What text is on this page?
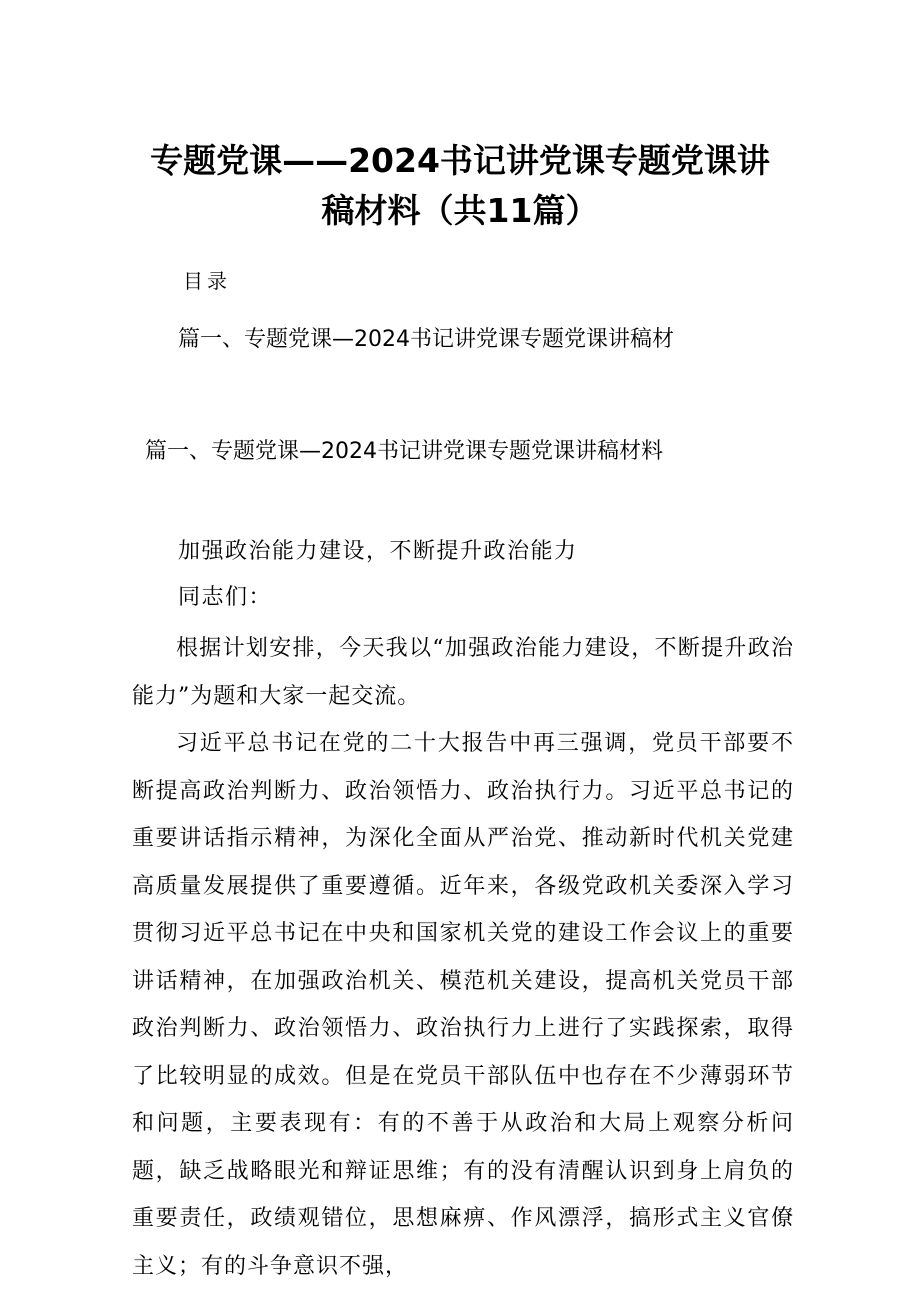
专题党课——2024书记讲党课专题党课讲
稿材料（共11篇）
目录
篇一、专题党课—2024书记讲党课专题党课讲稿材
篇一、专题党课—2024书记讲党课专题党课讲稿材料
加强政治能力建设，不断提升政治能力
同志们：

根据计划安排，今天我以“加强政治能力建设，不断提升政治能力”为题和大家一起交流。

习近平总书记在党的二十大报告中再三强调，党员干部要不断提高政治判断力、政治领悟力、政治执行力。习近平总书记的重要讲话指示精神，为深化全面从严治党、推动新时代机关党建高质量发展提供了重要遵循。近年来，各级党政机关委深入学习贯彻习近平总书记在中央和国家机关党的建设工作会议上的重要讲话精神，在加强政治机关、模范机关建设，提高机关党员干部政治判断力、政治领悟力、政治执行力上进行了实践探索，取得了比较明显的成效。但是在党员干部队伍中也存在不少薄弱环节和问题，主要表现有：有的不善于从政治和大局上观察分析问题，缺乏战略眼光和辩证思维；有的没有清醒认识到身上肩负的重要责任，政绩观错位，思想麻痹、作风漂浮，搞形式主义官僚主义；有的斗争意识不强，
